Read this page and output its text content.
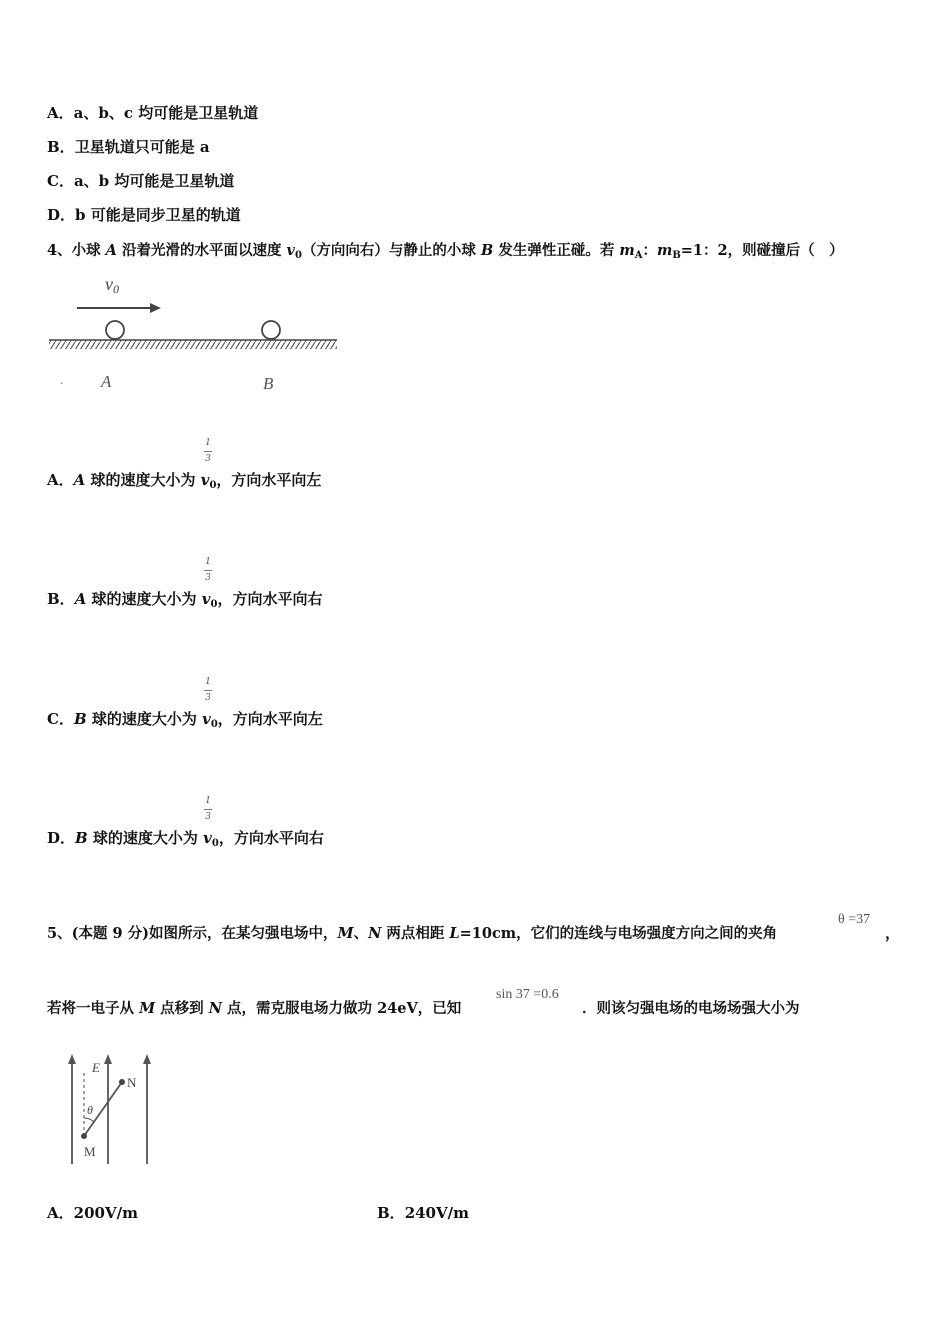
A．a、b、c 均可能是卫星轨道
B．卫星轨道只可能是 a
C．a、b 均可能是卫星轨道
D．b 可能是同步卫星的轨道
4、小球 A 沿着光滑的水平面以速度 $v_0$（方向向右）与静止的小球 B 发生弹性正碰。若 $m_A$：$m_B=1$：2，则碰撞后（　）
v0
A	B
.
1
3
A．A 球的速度大小为 $v_0$，方向水平向左
1
3
B．A 球的速度大小为 $v_0$，方向水平向右
1
3
C．B 球的速度大小为 $v_0$，方向水平向左
1
3
D．B 球的速度大小为 $v_0$，方向水平向右
5、(本题 9 分)如图所示，在某匀强电场中，M、N 两点相距 L=10cm，它们的连线与电场强度方向之间的夹角
θ =37
，
若将一电子从 M 点移到 N 点，需克服电场力做功 24eV，已知
sin 37 =0.6
．则该匀强电场的电场场强大小为
E
N
M
θ
A．200V/m	B．240V/m
